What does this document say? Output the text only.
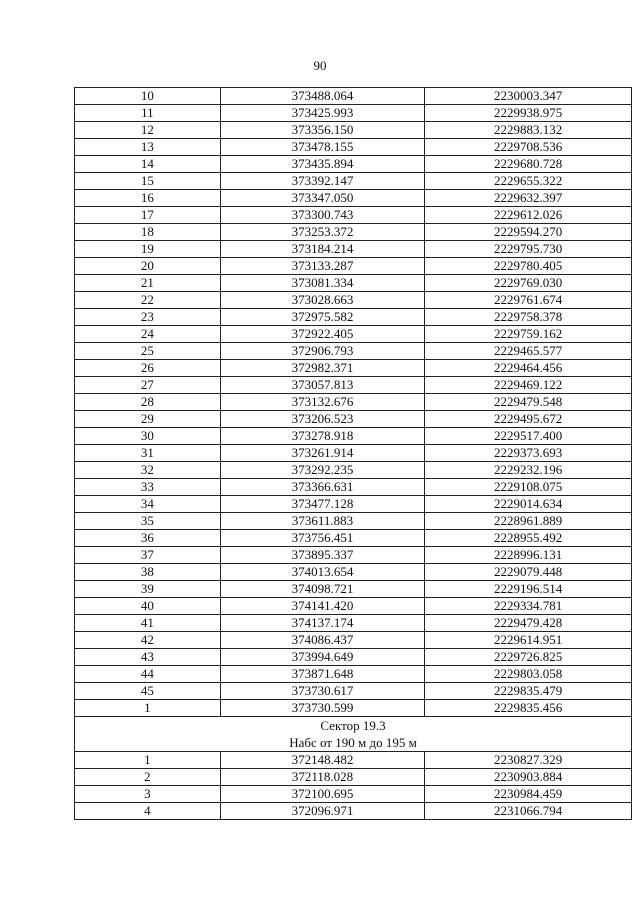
90
10	373488.064	2230003.347
11	373425.993	2229938.975
12	373356.150	2229883.132
13	373478.155	2229708.536
14	373435.894	2229680.728
15	373392.147	2229655.322
16	373347.050	2229632.397
17	373300.743	2229612.026
18	373253.372	2229594.270
19	373184.214	2229795.730
20	373133.287	2229780.405
21	373081.334	2229769.030
22	373028.663	2229761.674
23	372975.582	2229758.378
24	372922.405	2229759.162
25	372906.793	2229465.577
26	372982.371	2229464.456
27	373057.813	2229469.122
28	373132.676	2229479.548
29	373206.523	2229495.672
30	373278.918	2229517.400
31	373261.914	2229373.693
32	373292.235	2229232.196
33	373366.631	2229108.075
34	373477.128	2229014.634
35	373611.883	2228961.889
36	373756.451	2228955.492
37	373895.337	2228996.131
38	374013.654	2229079.448
39	374098.721	2229196.514
40	374141.420	2229334.781
41	374137.174	2229479.428
42	374086.437	2229614.951
43	373994.649	2229726.825
44	373871.648	2229803.058
45	373730.617	2229835.479
1	373730.599	2229835.456

Сектор 19.3
Набс от 190 м до 195 м		

1	372148.482	2230827.329
2	372118.028	2230903.884
3	372100.695	2230984.459
4	372096.971	2231066.794
